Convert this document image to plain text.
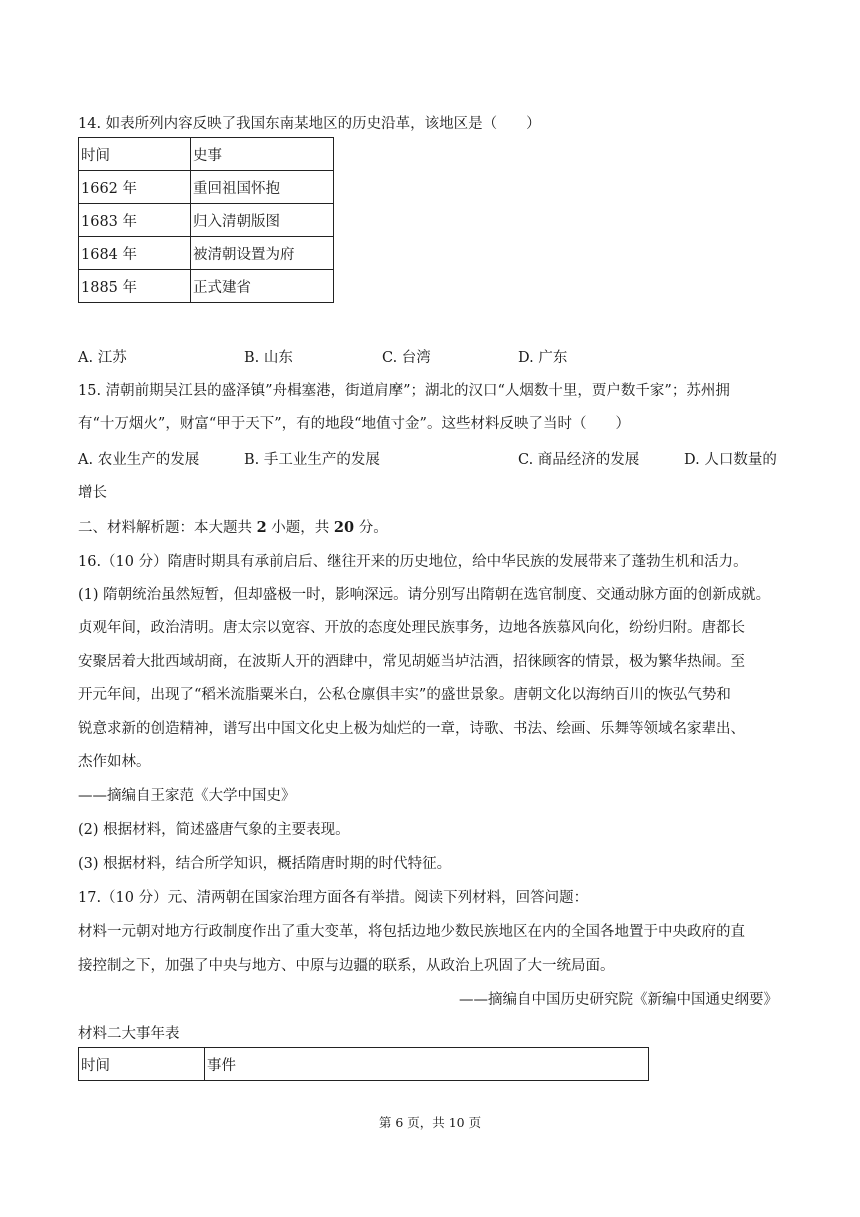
14. 如表所列内容反映了我国东南某地区的历史沿革，该地区是（　　）
时间	史事
1662 年	重回祖国怀抱
1683 年	归入清朝版图
1684 年	被清朝设置为府
1885 年	正式建省
A. 江苏	B. 山东	C. 台湾	D. 广东
15. 清朝前期吴江县的盛泽镇”舟楫塞港，街道肩摩”；湖北的汉口“人烟数十里，贾户数千家”；苏州拥
有“十万烟火”，财富“甲于天下”，有的地段“地值寸金”。这些材料反映了当时（　　）
A. 农业生产的发展	B. 手工业生产的发展	C. 商品经济的发展	D. 人口数量的
增长
二、材料解析题：本大题共 2 小题，共 20 分。
16.（10 分）隋唐时期具有承前启后、继往开来的历史地位，给中华民族的发展带来了蓬勃生机和活力。
(1) 隋朝统治虽然短暂，但却盛极一时，影响深远。请分别写出隋朝在选官制度、交通动脉方面的创新成就。
贞观年间，政治清明。唐太宗以宽容、开放的态度处理民族事务，边地各族慕风向化，纷纷归附。唐都长
安聚居着大批西域胡商，在波斯人开的酒肆中，常见胡姬当垆沽酒，招徕顾客的情景，极为繁华热闹。至
开元年间，出现了“稻米流脂粟米白，公私仓廪俱丰实”的盛世景象。唐朝文化以海纳百川的恢弘气势和
锐意求新的创造精神，谱写出中国文化史上极为灿烂的一章，诗歌、书法、绘画、乐舞等领域名家辈出、
杰作如林。
——摘编自王家范《大学中国史》
(2) 根据材料，简述盛唐气象的主要表现。
(3) 根据材料，结合所学知识，概括隋唐时期的时代特征。
17.（10 分）元、清两朝在国家治理方面各有举措。阅读下列材料，回答问题：
材料一元朝对地方行政制度作出了重大变革，将包括边地少数民族地区在内的全国各地置于中央政府的直
接控制之下，加强了中央与地方、中原与边疆的联系，从政治上巩固了大一统局面。
——摘编自中国历史研究院《新编中国通史纲要》
材料二大事年表
时间	事件
第 6 页，共 10 页
